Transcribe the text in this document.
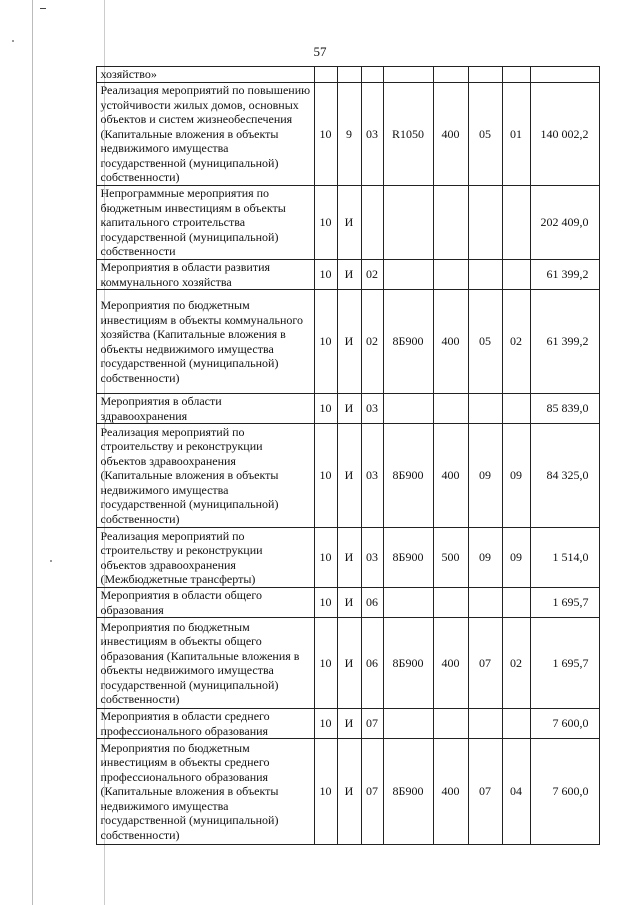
57
	хозяйство»								
	Реализация мероприятий по повышению устойчивости жилых домов, основных объектов и систем жизнеобеспечения (Капитальные вложения в объекты недвижимого имущества государственной (муниципальной) собственности)	10	9	03	R1050	400	05	01	140 002,2
	Непрограммные мероприятия по бюджетным инвестициям в объекты капитального строительства государственной (муниципальной) собственности	10	И						202 409,0
	Мероприятия в области развития коммунального хозяйства	10	И	02					61 399,2
	Мероприятия по бюджетным инвестициям в объекты коммунального хозяйства (Капитальные вложения в объекты недвижимого имущества государственной (муниципальной) собственности)	10	И	02	8Б900	400	05	02	61 399,2
	Мероприятия в области здравоохранения	10	И	03					85 839,0
	Реализация мероприятий по строительству и реконструкции объектов здравоохранения (Капитальные вложения в объекты недвижимого имущества государственной (муниципальной) собственности)	10	И	03	8Б900	400	09	09	84 325,0
	Реализация мероприятий по строительству и реконструкции объектов здравоохранения (Межбюджетные трансферты)	10	И	03	8Б900	500	09	09	1 514,0
	Мероприятия в области общего образования	10	И	06					1 695,7
	Мероприятия по бюджетным инвестициям в объекты общего образования (Капитальные вложения в объекты недвижимого имущества государственной (муниципальной) собственности)	10	И	06	8Б900	400	07	02	1 695,7
	Мероприятия в области среднего профессионального образования	10	И	07					7 600,0
	Мероприятия по бюджетным инвестициям в объекты среднего профессионального образования (Капитальные вложения в объекты недвижимого имущества государственной (муниципальной) собственности)	10	И	07	8Б900	400	07	04	7 600,0
